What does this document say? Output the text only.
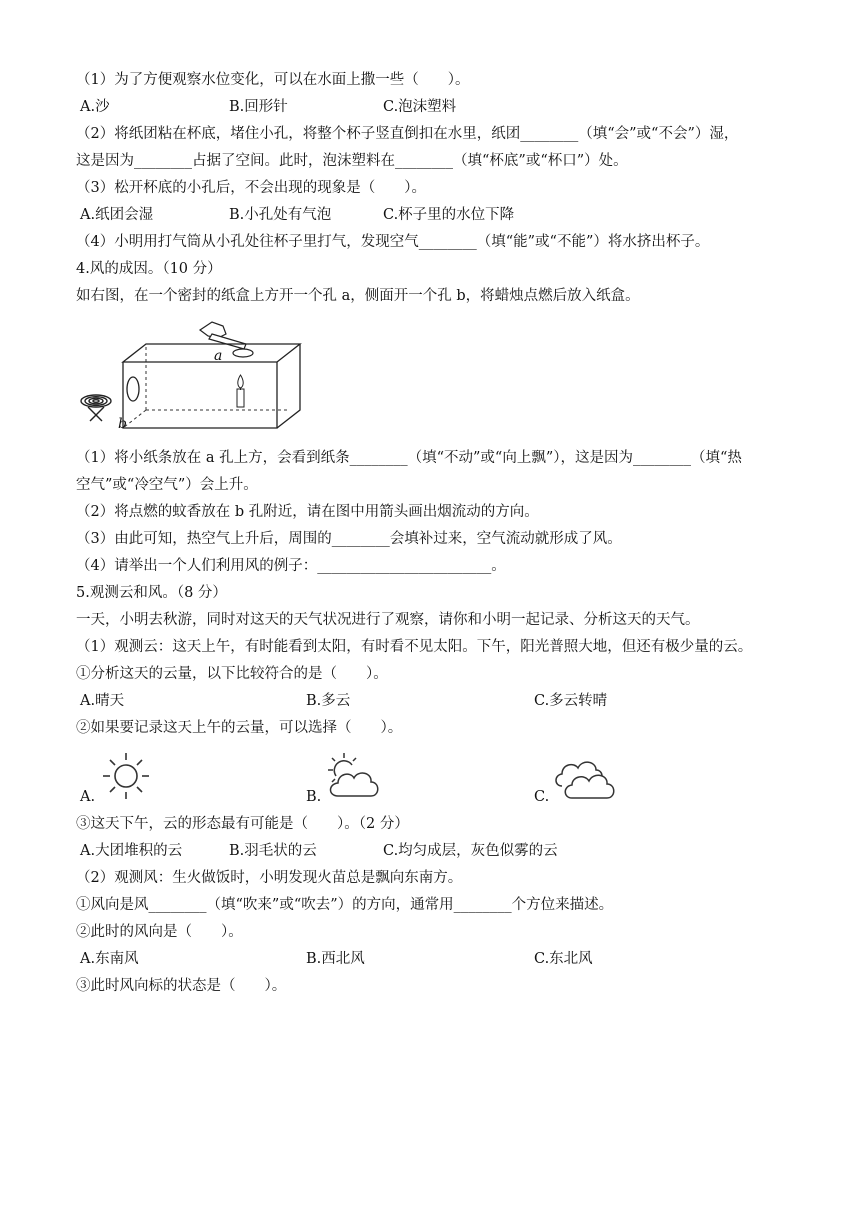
（1）为了方便观察水位变化，可以在水面上撒一些（　　）。
A.沙	B.回形针	C.泡沫塑料
（2）将纸团粘在杯底，堵住小孔，将整个杯子竖直倒扣在水里，纸团________（填“会”或“不会”）湿，
这是因为________占据了空间。此时，泡沫塑料在________（填“杯底”或“杯口”）处。
（3）松开杯底的小孔后，不会出现的现象是（　　）。
A.纸团会湿	B.小孔处有气泡	C.杯子里的水位下降
（4）小明用打气筒从小孔处往杯子里打气，发现空气________（填“能”或“不能”）将水挤出杯子。
4.风的成因。（10 分）
如右图，在一个密封的纸盒上方开一个孔 a，侧面开一个孔 b，将蜡烛点燃后放入纸盒。
a
b
（1）将小纸条放在 a 孔上方，会看到纸条________（填“不动”或“向上飘”），这是因为________（填“热
空气”或“冷空气”）会上升。
（2）将点燃的蚊香放在 b 孔附近，请在图中用箭头画出烟流动的方向。
（3）由此可知，热空气上升后，周围的________会填补过来，空气流动就形成了风。
（4）请举出一个人们利用风的例子：________________________。
5.观测云和风。（8 分）
一天，小明去秋游，同时对这天的天气状况进行了观察，请你和小明一起记录、分析这天的天气。
（1）观测云：这天上午，有时能看到太阳，有时看不见太阳。下午，阳光普照大地，但还有极少量的云。
①分析这天的云量，以下比较符合的是（　　）。
A.晴天	B.多云	C.多云转晴
②如果要记录这天上午的云量，可以选择（　　）。
A.	B.	C.
③这天下午，云的形态最有可能是（　　）。（2 分）
A.大团堆积的云	B.羽毛状的云	C.均匀成层，灰色似雾的云
（2）观测风：生火做饭时，小明发现火苗总是飘向东南方。
①风向是风________（填“吹来”或“吹去”）的方向，通常用________个方位来描述。
②此时的风向是（　　）。
A.东南风	B.西北风	C.东北风
③此时风向标的状态是（　　）。
